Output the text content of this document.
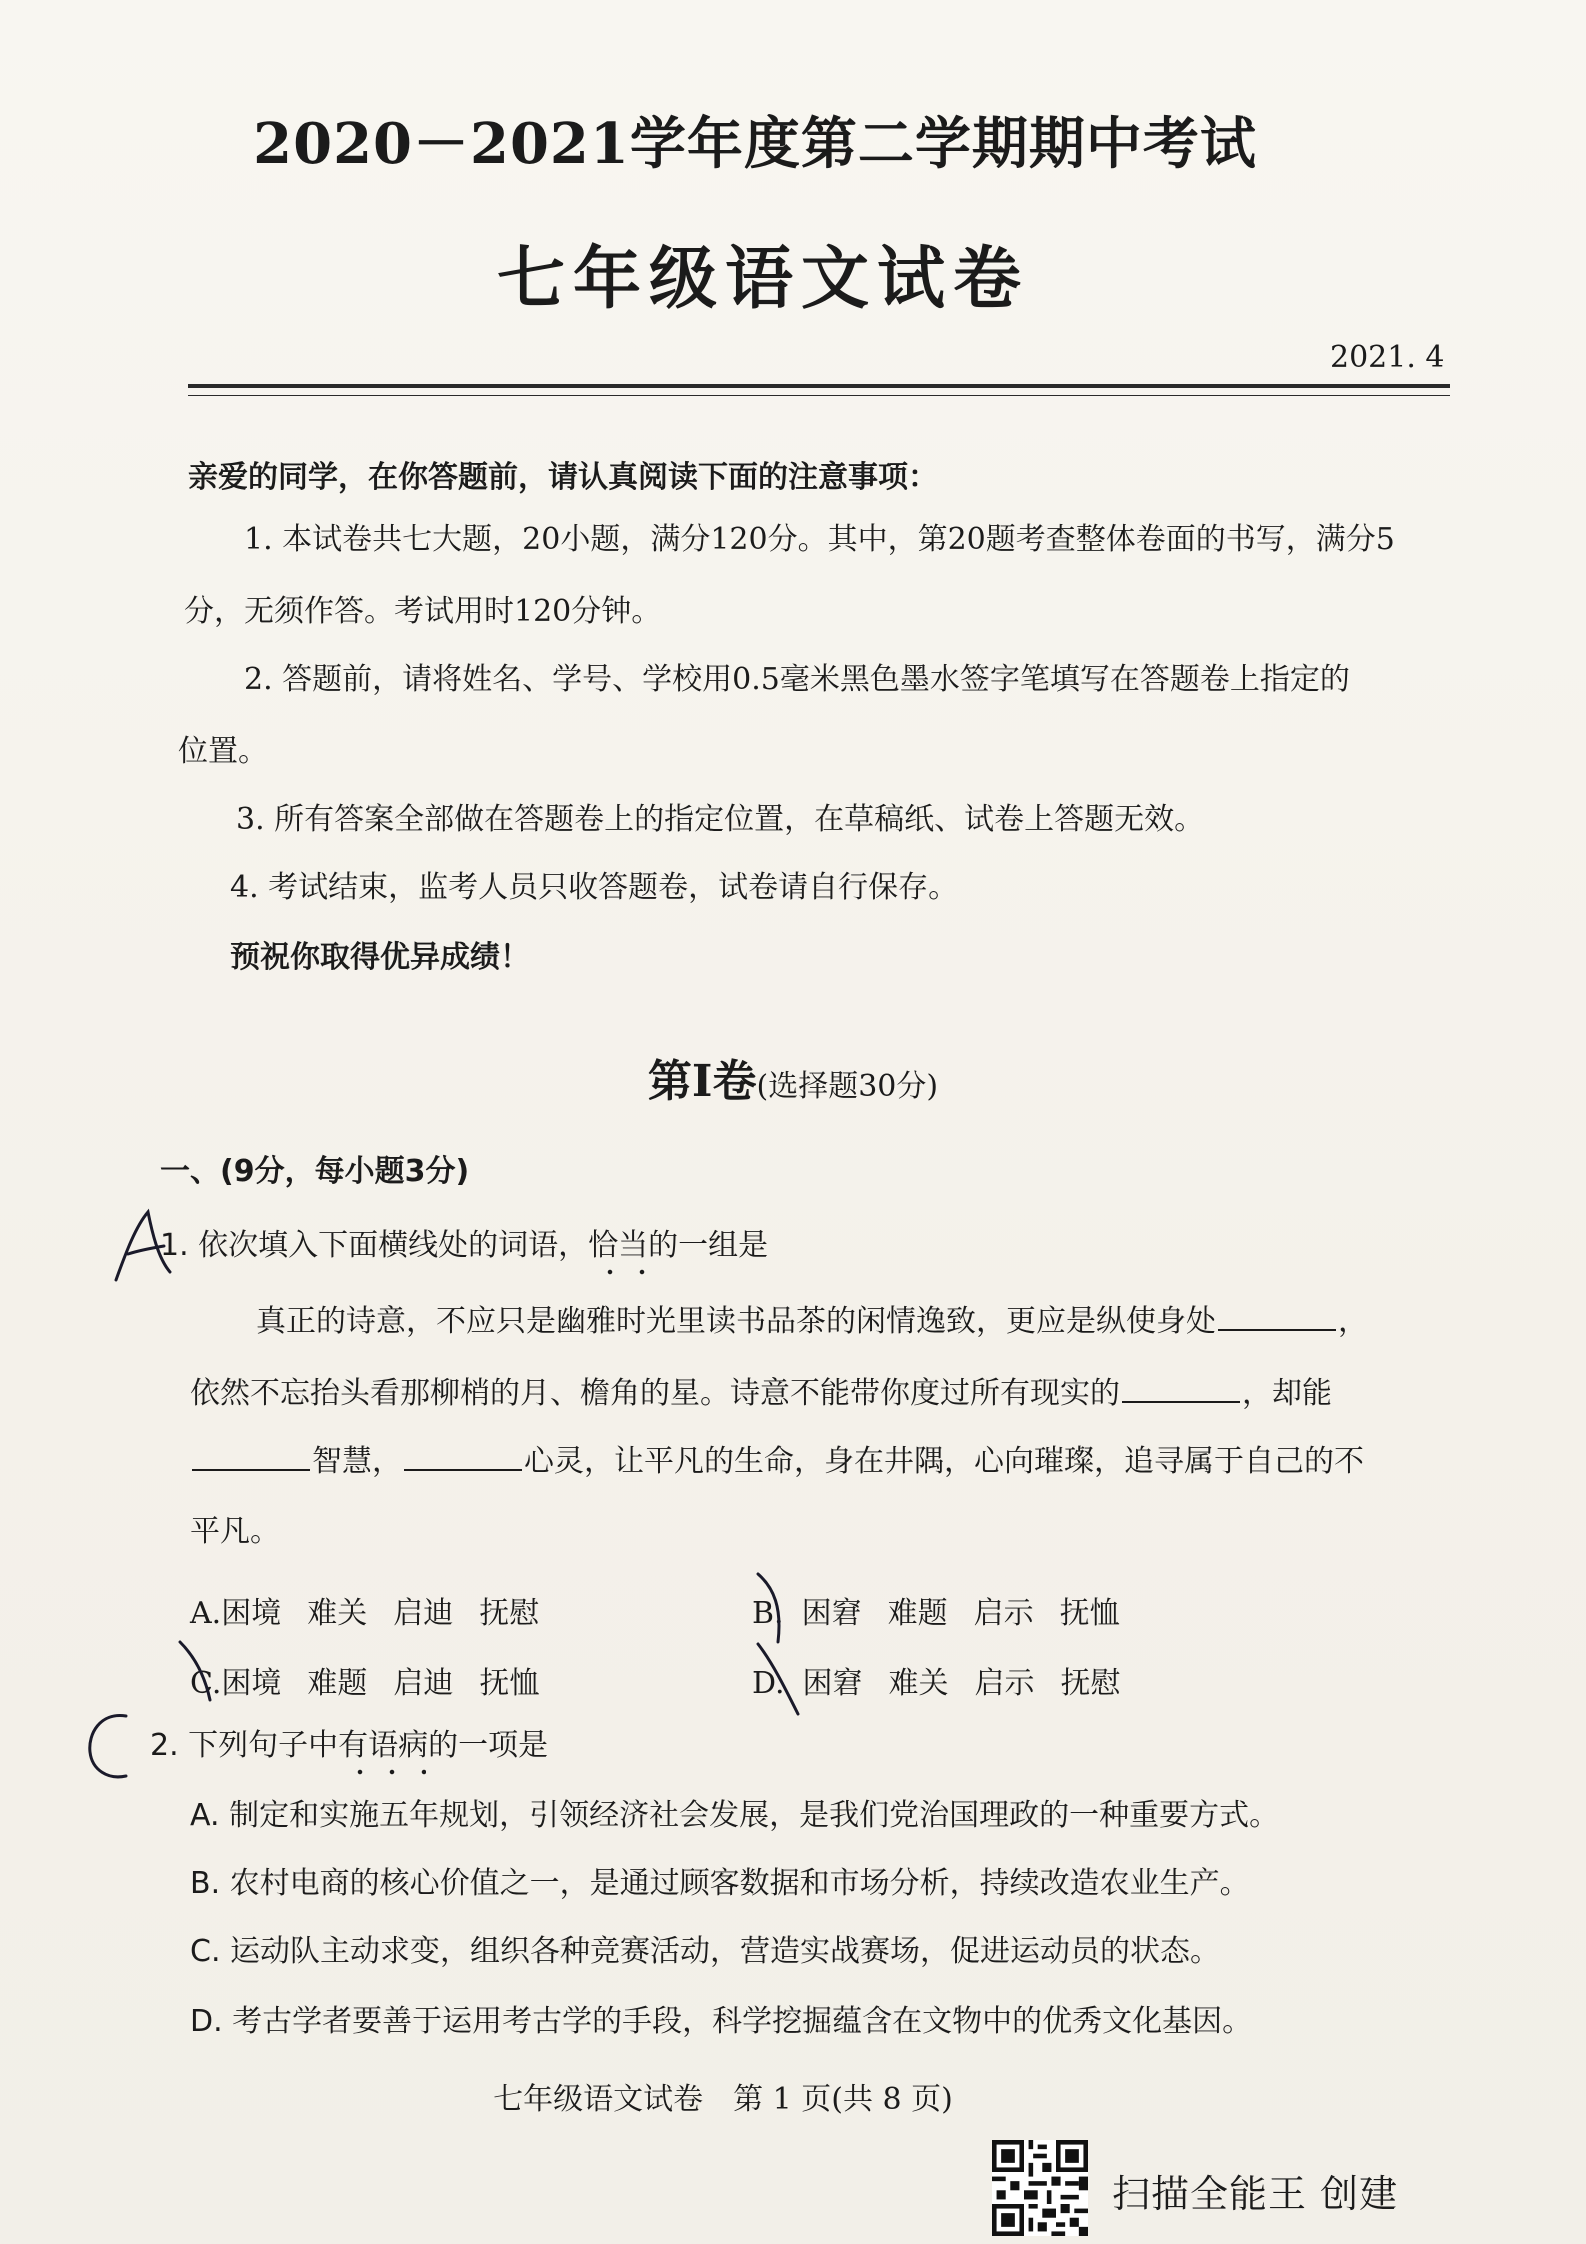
2020－2021学年度第二学期期中考试
七年级语文试卷
2021. 4
亲爱的同学，在你答题前，请认真阅读下面的注意事项：
1. 本试卷共七大题，20小题，满分120分。其中，第20题考查整体卷面的书写，满分5
分，无须作答。考试用时120分钟。
2. 答题前，请将姓名、学号、学校用0.5毫米黑色墨水签字笔填写在答题卷上指定的
位置。
3. 所有答案全部做在答题卷上的指定位置，在草稿纸、试卷上答题无效。
4. 考试结束，监考人员只收答题卷，试卷请自行保存。
预祝你取得优异成绩！
第Ⅰ卷(选择题30分)
一、(9分，每小题3分)
1. 依次填入下面横线处的词语，恰当的一组是
真正的诗意，不应只是幽雅时光里读书品茶的闲情逸致，更应是纵使身处	，
依然不忘抬头看那柳梢的月、檐角的星。诗意不能带你度过所有现实的	，却能
智慧，	心灵，让平凡的生命，身在井隅，心向璀璨，追寻属于自己的不
平凡。
A.困境 难关 启迪 抚慰	B. 困窘 难题 启示 抚恤
C.困境 难题 启迪 抚恤	D. 困窘 难关 启示 抚慰
2. 下列句子中有语病的一项是
A. 制定和实施五年规划，引领经济社会发展，是我们党治国理政的一种重要方式。
B. 农村电商的核心价值之一，是通过顾客数据和市场分析，持续改造农业生产。
C. 运动队主动求变，组织各种竞赛活动，营造实战赛场，促进运动员的状态。
D. 考古学者要善于运用考古学的手段，科学挖掘蕴含在文物中的优秀文化基因。
七年级语文试卷　第 1 页(共 8 页)
扫描全能王 创建
